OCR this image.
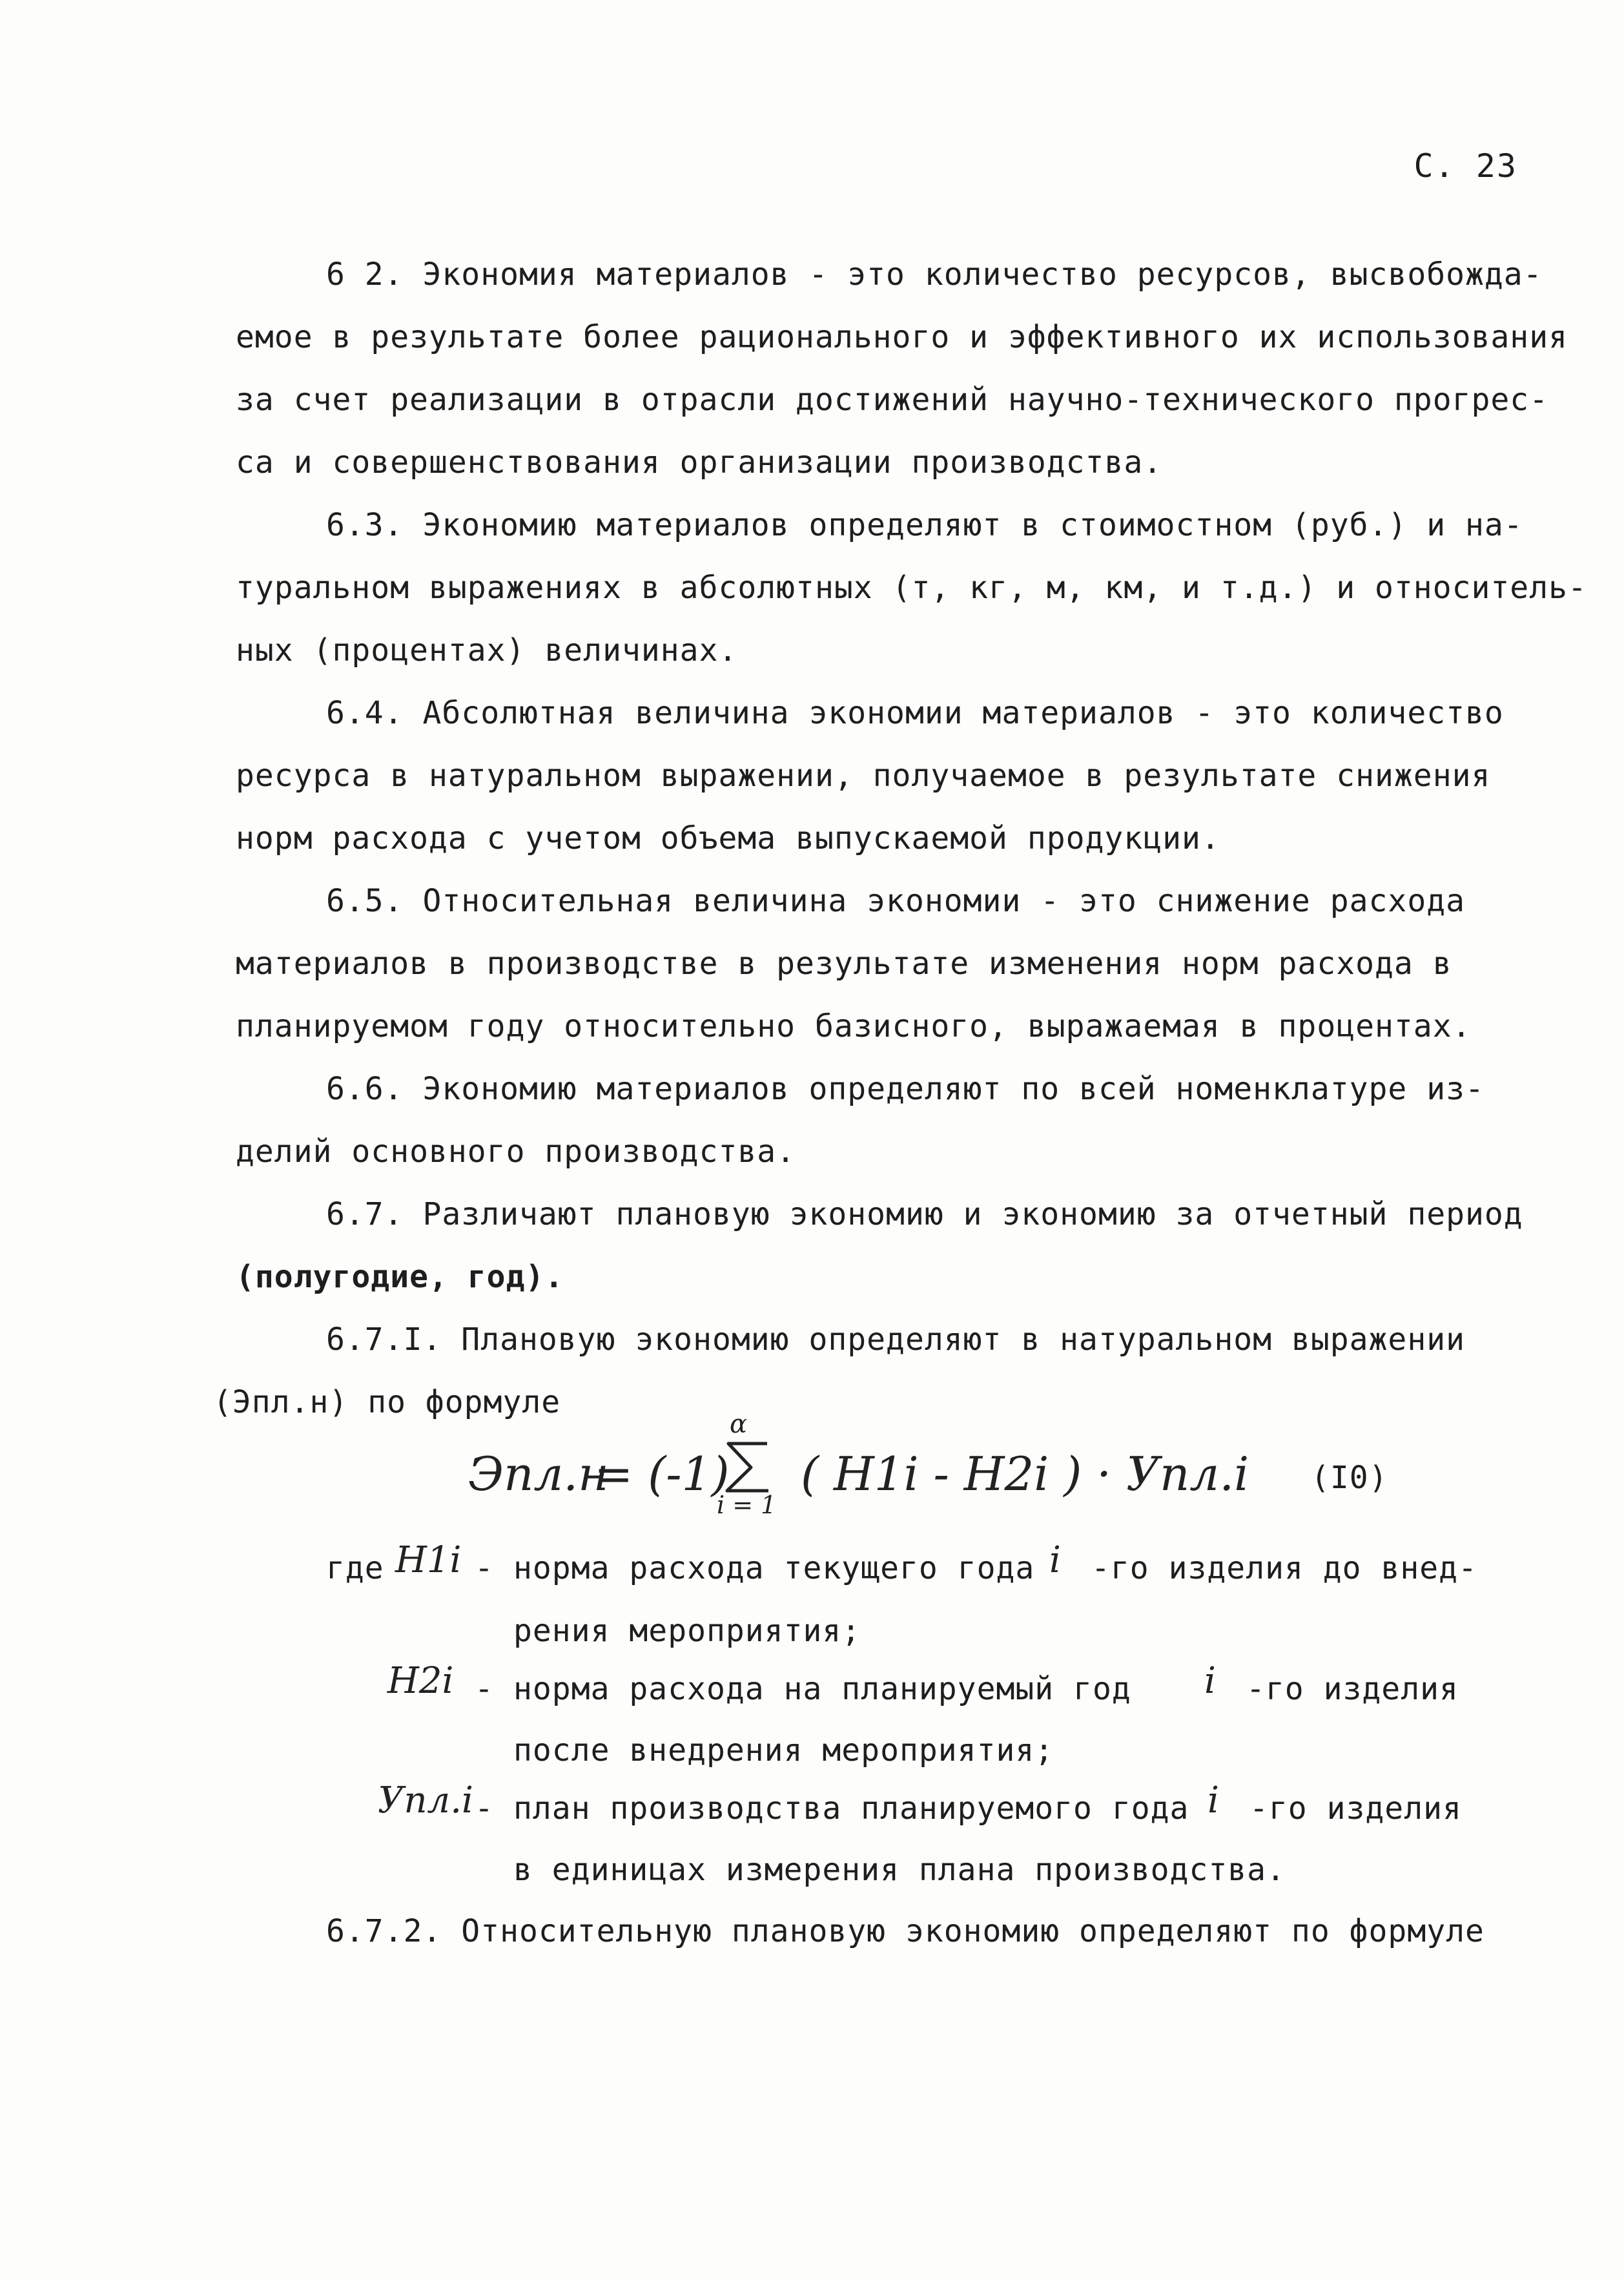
С. 23
6 2. Экономия материалов - это количество ресурсов, высвобожда-
емое в результате более рационального и эффективного их использования
за счет реализации в отрасли достижений научно-технического прогрес-
са и совершенствования организации производства.
6.3. Экономию материалов определяют в стоимостном (руб.) и на-
туральном выражениях в абсолютных (т, кг, м, км, и т.д.) и относитель-
ных (процентах) величинах.
6.4. Абсолютная величина экономии материалов - это количество
ресурса в натуральном выражении, получаемое в результате снижения
норм расхода с учетом объема выпускаемой продукции.
6.5. Относительная величина экономии - это снижение расхода
материалов в производстве в результате изменения норм расхода в
планируемом году относительно базисного, выражаемая в процентах.
6.6. Экономию материалов определяют по всей номенклатуре из-
делий основного производства.
6.7. Различают плановую экономию и экономию за отчетный период
(полугодие, год).
6.7.I. Плановую экономию определяют в натуральном выражении
(Эпл.н) по формуле
Эпл.н
= (-1)
α
i = 1
( Н1i - Н2i ) · Упл.i (I0)
где Н1i - норма расхода текущего года i -го изделия до внед-
рения мероприятия;
Н2i - норма расхода на планируемый год i -го изделия
после внедрения мероприятия;
Упл.i - план производства планируемого года i -го изделия
в единицах измерения плана производства.
6.7.2. Относительную плановую экономию определяют по формуле
